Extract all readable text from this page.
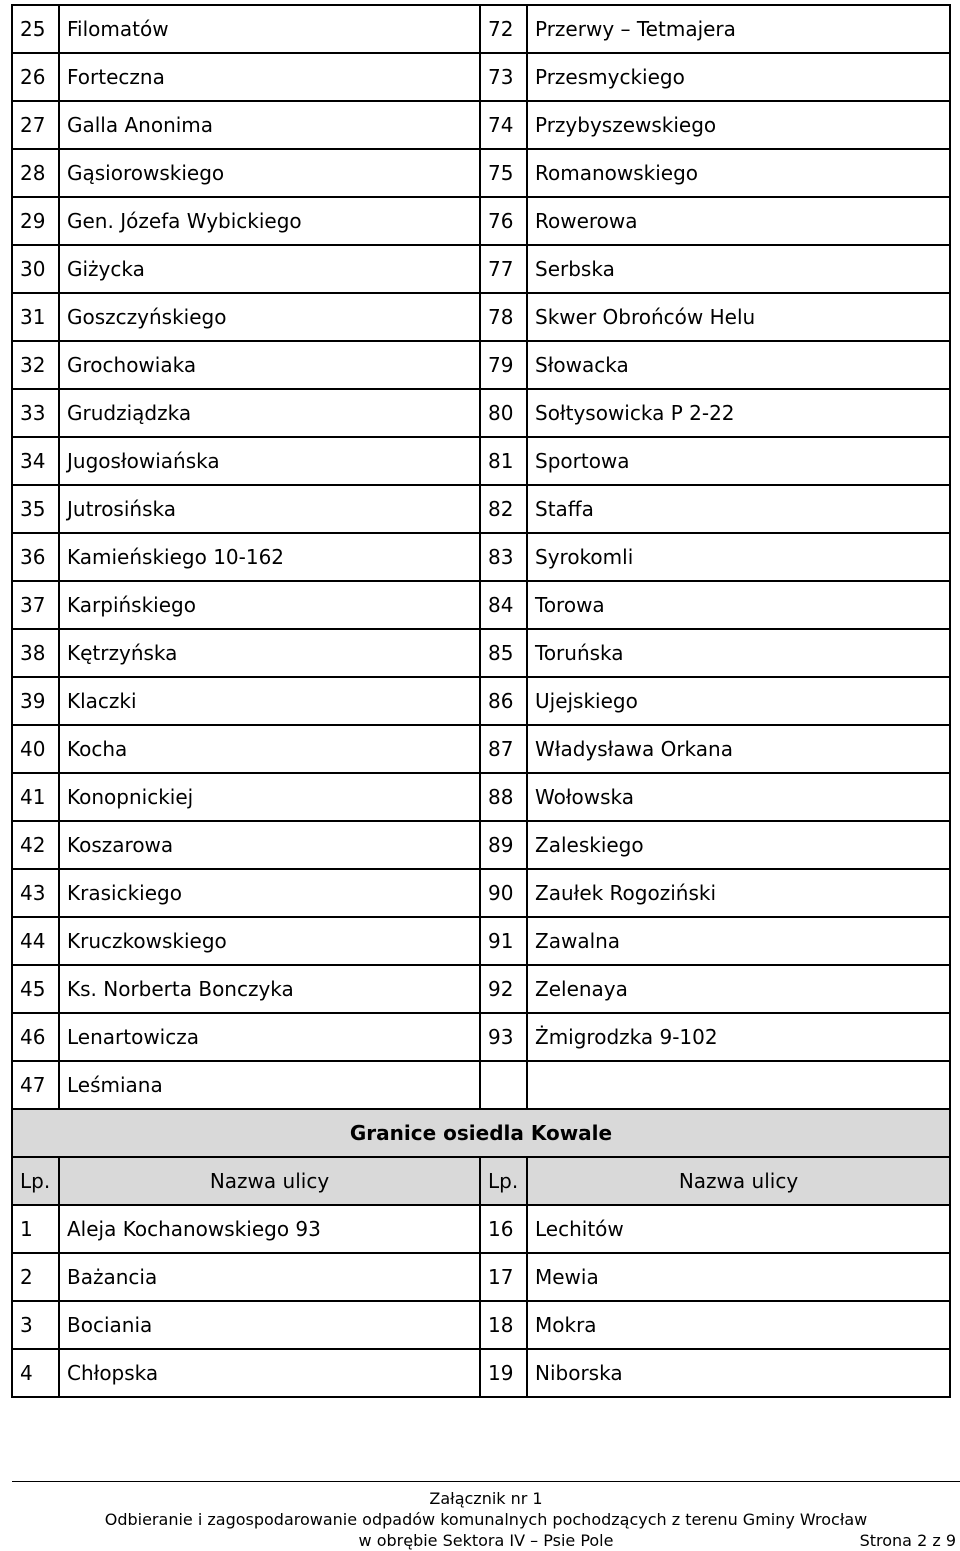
25	Filomatów	72	Przerwy – Tetmajera
26	Forteczna	73	Przesmyckiego
27	Galla Anonima	74	Przybyszewskiego
28	Gąsiorowskiego	75	Romanowskiego
29	Gen. Józefa Wybickiego	76	Rowerowa
30	Giżycka	77	Serbska
31	Goszczyńskiego	78	Skwer Obrońców Helu
32	Grochowiaka	79	Słowacka
33	Grudziądzka	80	Sołtysowicka P 2-22
34	Jugosłowiańska	81	Sportowa
35	Jutrosińska	82	Staffa
36	Kamieńskiego 10-162	83	Syrokomli
37	Karpińskiego	84	Torowa
38	Kętrzyńska	85	Toruńska
39	Klaczki	86	Ujejskiego
40	Kocha	87	Władysława Orkana
41	Konopnickiej	88	Wołowska
42	Koszarowa	89	Zaleskiego
43	Krasickiego	90	Zaułek Rogoziński
44	Kruczkowskiego	91	Zawalna
45	Ks. Norberta Bonczyka	92	Zelenaya
46	Lenartowicza	93	Żmigrodzka 9-102
47	Leśmiana		
Granice osiedla Kowale			
Lp.	Nazwa ulicy	Lp.	Nazwa ulicy
1	Aleja Kochanowskiego 93	16	Lechitów
2	Bażancia	17	Mewia
3	Bociania	18	Mokra
4	Chłopska	19	Niborska
Załącznik nr 1
Odbieranie i zagospodarowanie odpadów komunalnych pochodzących z terenu Gminy Wrocław
w obrębie Sektora IV – Psie Pole	Strona 2 z 9
